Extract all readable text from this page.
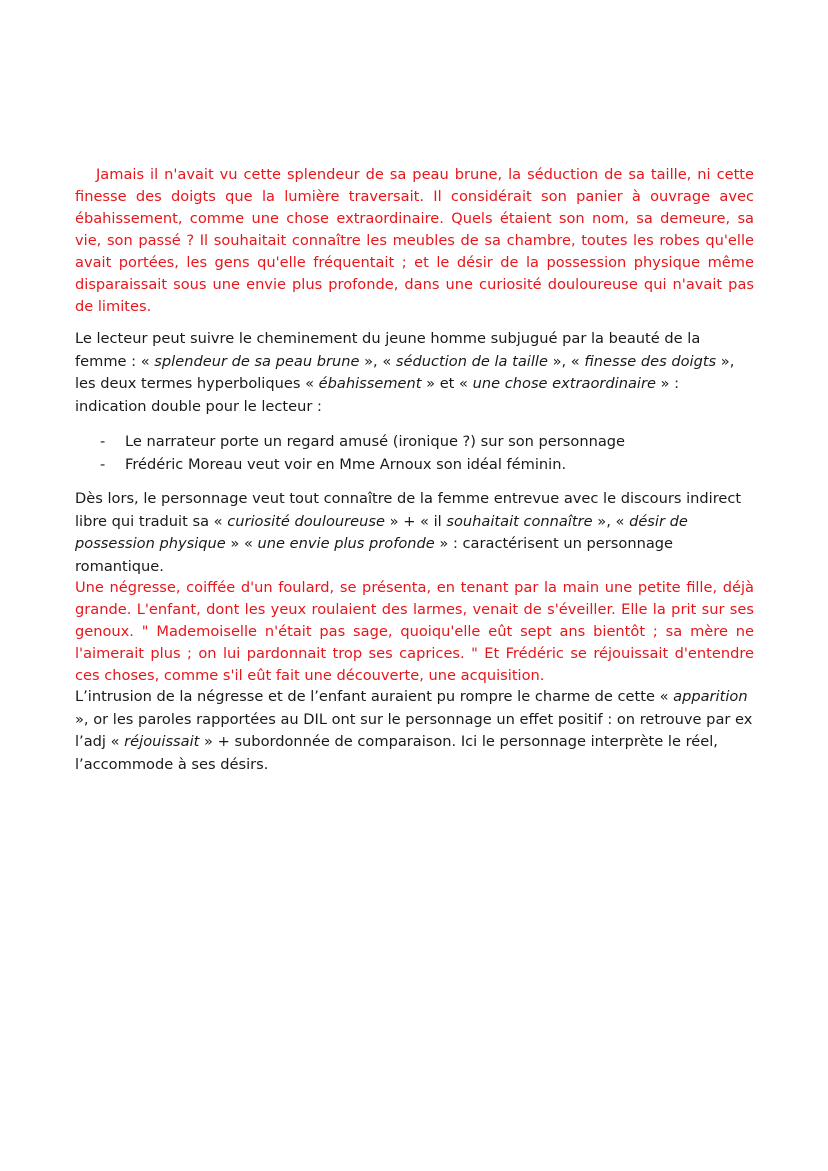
Jamais il n'avait vu cette splendeur de sa peau brune, la séduction de sa taille, ni cette finesse des doigts que la lumière traversait. Il considérait son panier à ouvrage avec ébahissement, comme une chose extraordinaire. Quels étaient son nom, sa demeure, sa vie, son passé ? Il souhaitait connaître les meubles de sa chambre, toutes les robes qu'elle avait portées, les gens qu'elle fréquentait ; et le désir de la possession physique même disparaissait sous une envie plus profonde, dans une curiosité douloureuse qui n'avait pas de limites.

Le lecteur peut suivre le cheminement du jeune homme subjugué par la beauté de la femme : « splendeur de sa peau brune », « séduction de la taille », « finesse des doigts », les deux termes hyperboliques « ébahissement » et « une chose extraordinaire » : indication double pour le lecteur :

- Le narrateur porte un regard amusé (ironique ?) sur son personnage
- Frédéric Moreau veut voir en Mme Arnoux son idéal féminin.

Dès lors, le personnage veut tout connaître de la femme entrevue avec le discours indirect libre qui traduit sa « curiosité douloureuse » + « il souhaitait connaître », « désir de possession physique » « une envie plus profonde » : caractérisent un personnage romantique.

Une négresse, coiffée d'un foulard, se présenta, en tenant par la main une petite fille, déjà grande. L'enfant, dont les yeux roulaient des larmes, venait de s'éveiller. Elle la prit sur ses genoux. " Mademoiselle n'était pas sage, quoiqu'elle eût sept ans bientôt ; sa mère ne l'aimerait plus ; on lui pardonnait trop ses caprices. " Et Frédéric se réjouissait d'entendre ces choses, comme s'il eût fait une découverte, une acquisition.

L’intrusion de la négresse et de l’enfant auraient pu rompre le charme de cette « apparition », or les paroles rapportées au DIL ont sur le personnage un effet positif : on retrouve par ex l’adj « réjouissait » + subordonnée de comparaison. Ici le personnage interprète le réel, l’accommode à ses désirs.
